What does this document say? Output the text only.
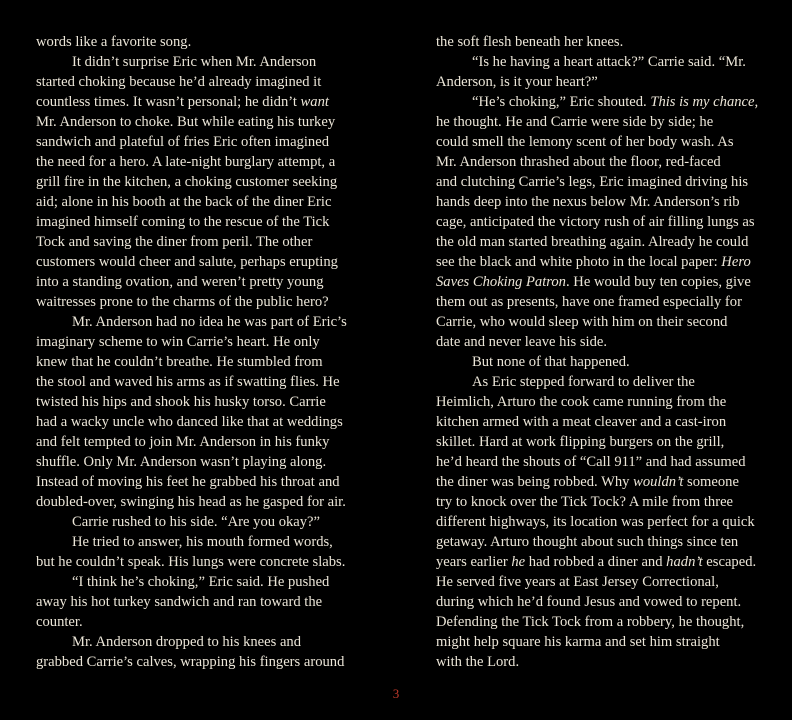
words like a favorite song.
It didn’t surprise Eric when Mr. Anderson
started choking because he’d already imagined it
countless times. It wasn’t personal; he didn’t want
Mr. Anderson to choke. But while eating his turkey
sandwich and plateful of fries Eric often imagined
the need for a hero. A late-night burglary attempt, a
grill fire in the kitchen, a choking customer seeking
aid; alone in his booth at the back of the diner Eric
imagined himself coming to the rescue of the Tick
Tock and saving the diner from peril. The other
customers would cheer and salute, perhaps erupting
into a standing ovation, and weren’t pretty young
waitresses prone to the charms of the public hero?
Mr. Anderson had no idea he was part of Eric’s
imaginary scheme to win Carrie’s heart. He only
knew that he couldn’t breathe. He stumbled from
the stool and waved his arms as if swatting flies. He
twisted his hips and shook his husky torso. Carrie
had a wacky uncle who danced like that at weddings
and felt tempted to join Mr. Anderson in his funky
shuffle. Only Mr. Anderson wasn’t playing along.
Instead of moving his feet he grabbed his throat and
doubled-over, swinging his head as he gasped for air.
Carrie rushed to his side. “Are you okay?”
He tried to answer, his mouth formed words,
but he couldn’t speak. His lungs were concrete slabs.
“I think he’s choking,” Eric said. He pushed
away his hot turkey sandwich and ran toward the
counter.
Mr. Anderson dropped to his knees and
grabbed Carrie’s calves, wrapping his fingers around
the soft flesh beneath her knees.
“Is he having a heart attack?” Carrie said. “Mr.
Anderson, is it your heart?”
“He’s choking,” Eric shouted. This is my chance,
he thought. He and Carrie were side by side; he
could smell the lemony scent of her body wash. As
Mr. Anderson thrashed about the floor, red-faced
and clutching Carrie’s legs, Eric imagined driving his
hands deep into the nexus below Mr. Anderson’s rib
cage, anticipated the victory rush of air filling lungs as
the old man started breathing again. Already he could
see the black and white photo in the local paper: Hero
Saves Choking Patron. He would buy ten copies, give
them out as presents, have one framed especially for
Carrie, who would sleep with him on their second
date and never leave his side.
But none of that happened.
As Eric stepped forward to deliver the
Heimlich, Arturo the cook came running from the
kitchen armed with a meat cleaver and a cast-iron
skillet. Hard at work flipping burgers on the grill,
he’d heard the shouts of “Call 911” and had assumed
the diner was being robbed. Why wouldn’t someone
try to knock over the Tick Tock? A mile from three
different highways, its location was perfect for a quick
getaway. Arturo thought about such things since ten
years earlier he had robbed a diner and hadn’t escaped.
He served five years at East Jersey Correctional,
during which he’d found Jesus and vowed to repent.
Defending the Tick Tock from a robbery, he thought,
might help square his karma and set him straight
with the Lord.
3
